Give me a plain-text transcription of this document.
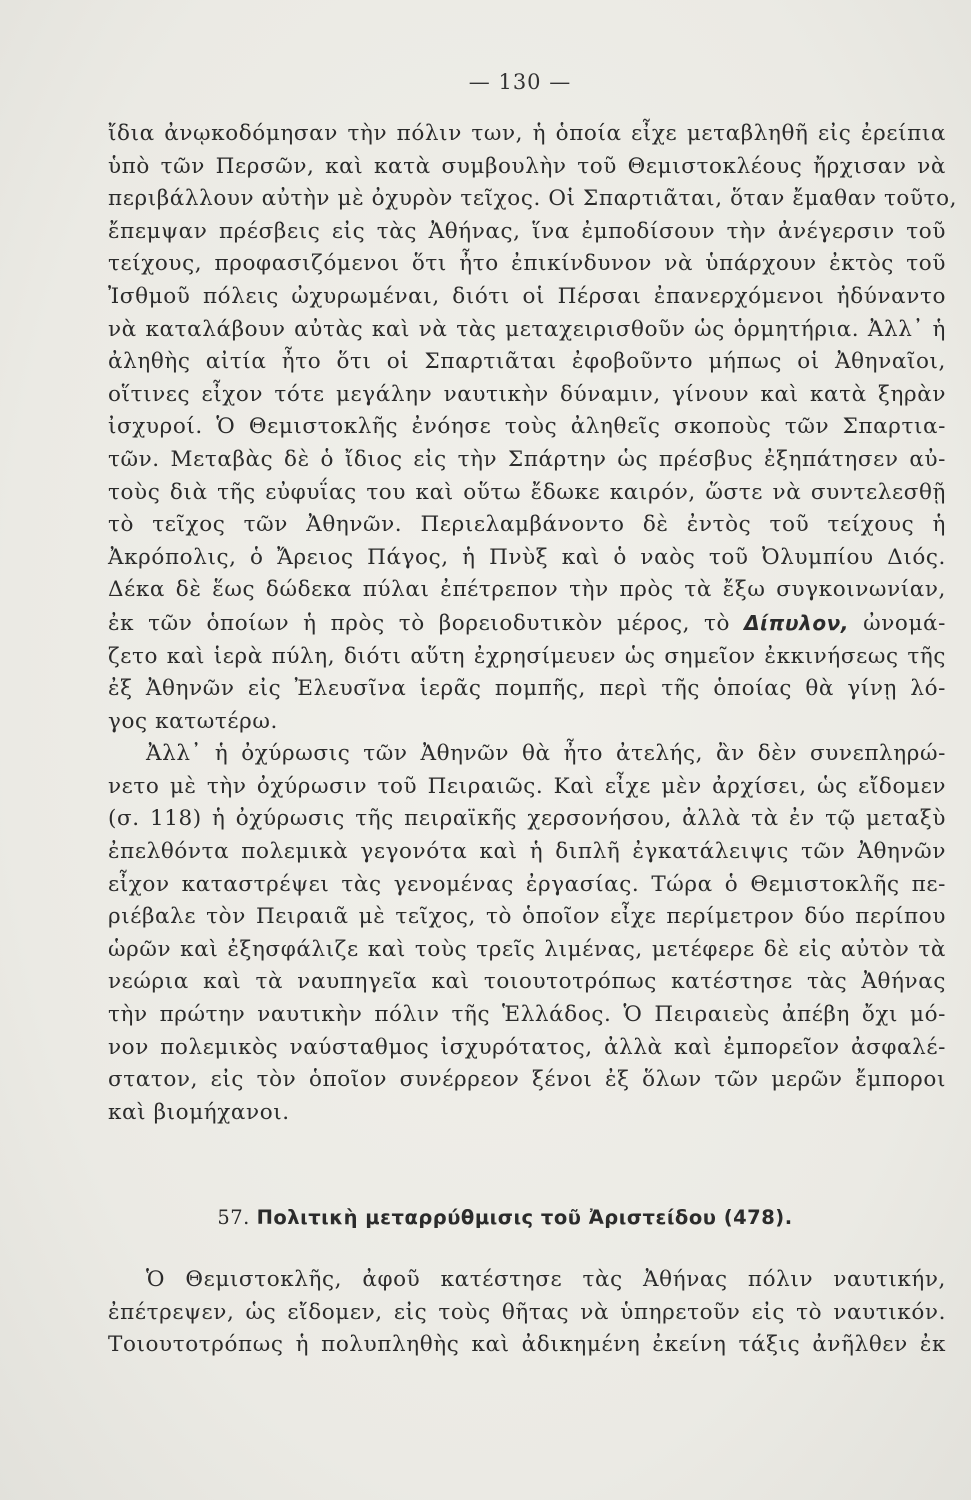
— 130 —
ἴδια ἀνῳκοδόμησαν τὴν πόλιν των, ἡ ὁποία εἶχε μεταβληθῆ εἰς ἐρείπια
ὑπὸ τῶν Περσῶν, καὶ κατὰ συμβουλὴν τοῦ Θεμιστοκλέους ἤρχισαν νὰ
περιβάλλουν αὐτὴν μὲ ὀχυρὸν τεῖχος. Οἱ Σπαρτιᾶται, ὅταν ἔμαθαν τοῦτο,
ἔπεμψαν πρέσβεις εἰς τὰς Ἀθήνας, ἵνα ἐμποδίσουν τὴν ἀνέγερσιν τοῦ
τείχους, προφασιζόμενοι ὅτι ἦτο ἐπικίνδυνον νὰ ὑπάρχουν ἐκτὸς τοῦ
Ἰσθμοῦ πόλεις ὠχυρωμέναι, διότι οἱ Πέρσαι ἐπανερχόμενοι ἠδύναντο
νὰ καταλάβουν αὐτὰς καὶ νὰ τὰς μεταχειρισθοῦν ὡς ὁρμητήρια. Ἀλλ᾿ ἡ
ἀληθὴς αἰτία ἦτο ὅτι οἱ Σπαρτιᾶται ἐφοβοῦντο μήπως οἱ Ἀθηναῖοι,
οἵτινες εἶχον τότε μεγάλην ναυτικὴν δύναμιν, γίνουν καὶ κατὰ ξηρὰν
ἰσχυροί. Ὁ Θεμιστοκλῆς ἐνόησε τοὺς ἀληθεῖς σκοποὺς τῶν Σπαρτια-
τῶν. Μεταβὰς δὲ ὁ ἴδιος εἰς τὴν Σπάρτην ὡς πρέσβυς ἐξηπάτησεν αὐ-
τοὺς διὰ τῆς εὐφυΐας του καὶ οὕτω ἔδωκε καιρόν, ὥστε νὰ συντελεσθῇ
τὸ τεῖχος τῶν Ἀθηνῶν. Περιελαμβάνοντο δὲ ἐντὸς τοῦ τείχους ἡ
Ἀκρόπολις, ὁ Ἄρειος Πάγος, ἡ Πνὺξ καὶ ὁ ναὸς τοῦ Ὀλυμπίου Διός.
Δέκα δὲ ἕως δώδεκα πύλαι ἐπέτρεπον τὴν πρὸς τὰ ἔξω συγκοινωνίαν,
ἐκ τῶν ὁποίων ἡ πρὸς τὸ βορειοδυτικὸν μέρος, τὸ Δίπυλον, ὠνομά-
ζετο καὶ ἱερὰ πύλη, διότι αὕτη ἐχρησίμευεν ὡς σημεῖον ἐκκινήσεως τῆς
ἐξ Ἀθηνῶν εἰς Ἐλευσῖνα ἱερᾶς πομπῆς, περὶ τῆς ὁποίας θὰ γίνῃ λό-
γος κατωτέρω.
Ἀλλ᾿ ἡ ὀχύρωσις τῶν Ἀθηνῶν θὰ ἦτο ἀτελής, ἂν δὲν συνεπληρώ-
νετο μὲ τὴν ὀχύρωσιν τοῦ Πειραιῶς. Καὶ εἶχε μὲν ἀρχίσει, ὡς εἴδομεν
(σ. 118) ἡ ὀχύρωσις τῆς πειραϊκῆς χερσονήσου, ἀλλὰ τὰ ἐν τῷ μεταξὺ
ἐπελθόντα πολεμικὰ γεγονότα καὶ ἡ διπλῆ ἐγκατάλειψις τῶν Ἀθηνῶν
εἶχον καταστρέψει τὰς γενομένας ἐργασίας. Τώρα ὁ Θεμιστοκλῆς πε-
ριέβαλε τὸν Πειραιᾶ μὲ τεῖχος, τὸ ὁποῖον εἶχε περίμετρον δύο περίπου
ὡρῶν καὶ ἐξησφάλιζε καὶ τοὺς τρεῖς λιμένας, μετέφερε δὲ εἰς αὐτὸν τὰ
νεώρια καὶ τὰ ναυπηγεῖα καὶ τοιουτοτρόπως κατέστησε τὰς Ἀθήνας
τὴν πρώτην ναυτικὴν πόλιν τῆς Ἑλλάδος. Ὁ Πειραιεὺς ἀπέβη ὄχι μό-
νον πολεμικὸς ναύσταθμος ἰσχυρότατος, ἀλλὰ καὶ ἐμπορεῖον ἀσφαλέ-
στατον, εἰς τὸν ὁποῖον συνέρρεον ξένοι ἐξ ὅλων τῶν μερῶν ἔμποροι
καὶ βιομήχανοι.
57. Πολιτικὴ μεταρρύθμισις τοῦ Ἀριστείδου (478).
Ὁ Θεμιστοκλῆς, ἀφοῦ κατέστησε τὰς Ἀθήνας πόλιν ναυτικήν,
ἐπέτρεψεν, ὡς εἴδομεν, εἰς τοὺς θῆτας νὰ ὑπηρετοῦν εἰς τὸ ναυτικόν.
Τοιουτοτρόπως ἡ πολυπληθὴς καὶ ἀδικημένη ἐκείνη τάξις ἀνῆλθεν ἐκ
